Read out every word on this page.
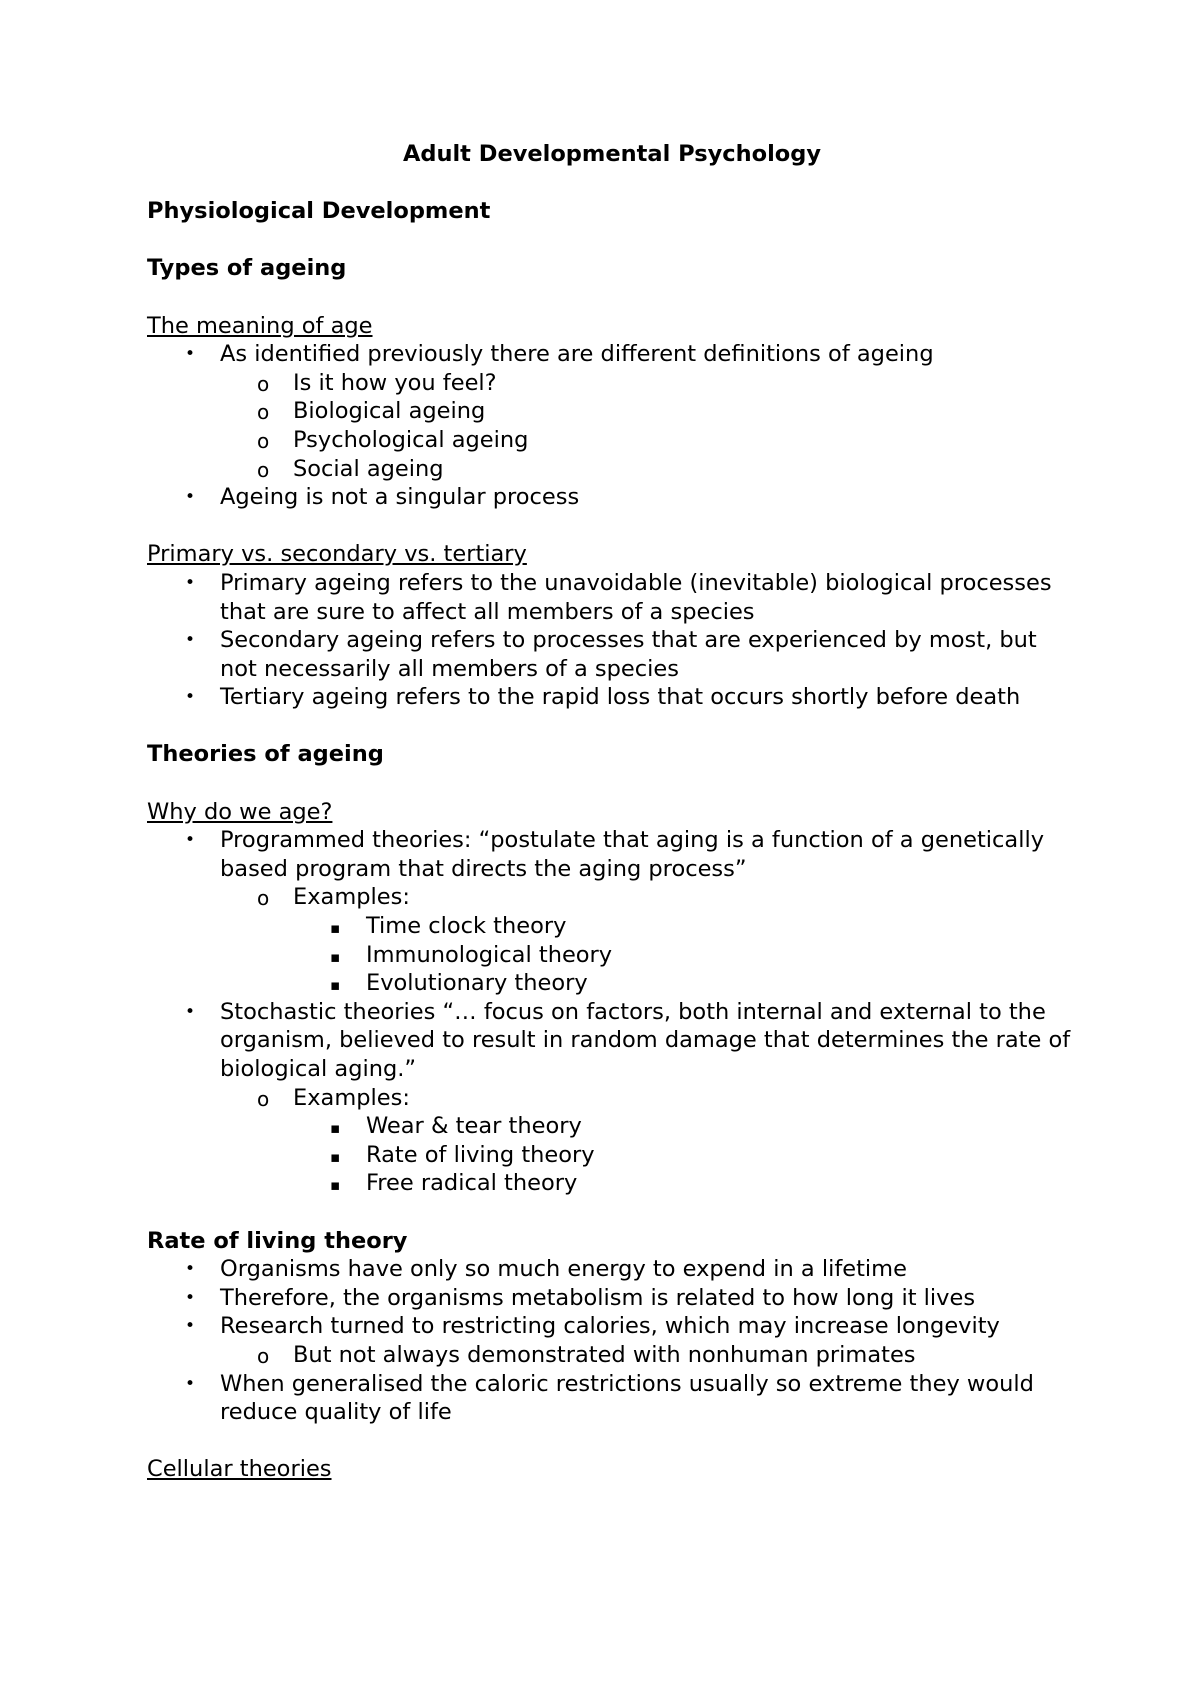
Adult Developmental Psychology

Physiological Development

Types of ageing

The meaning of age

• As identified previously there are different definitions of ageing
o Is it how you feel?
o Biological ageing
o Psychological ageing
o Social ageing
• Ageing is not a singular process

Primary vs. secondary vs. tertiary

• Primary ageing refers to the unavoidable (inevitable) biological processes that are sure to affect all members of a species
• Secondary ageing refers to processes that are experienced by most, but not necessarily all members of a species
• Tertiary ageing refers to the rapid loss that occurs shortly before death

Theories of ageing

Why do we age?

• Programmed theories: “postulate that aging is a function of a genetically based program that directs the aging process”
o Examples:
▪ Time clock theory
▪ Immunological theory
▪ Evolutionary theory
• Stochastic theories “… focus on factors, both internal and external to the organism, believed to result in random damage that determines the rate of biological aging.”
o Examples:
▪ Wear & tear theory
▪ Rate of living theory
▪ Free radical theory

Rate of living theory

• Organisms have only so much energy to expend in a lifetime
• Therefore, the organisms metabolism is related to how long it lives
• Research turned to restricting calories, which may increase longevity
o But not always demonstrated with nonhuman primates
• When generalised the caloric restrictions usually so extreme they would reduce quality of life

Cellular theories
